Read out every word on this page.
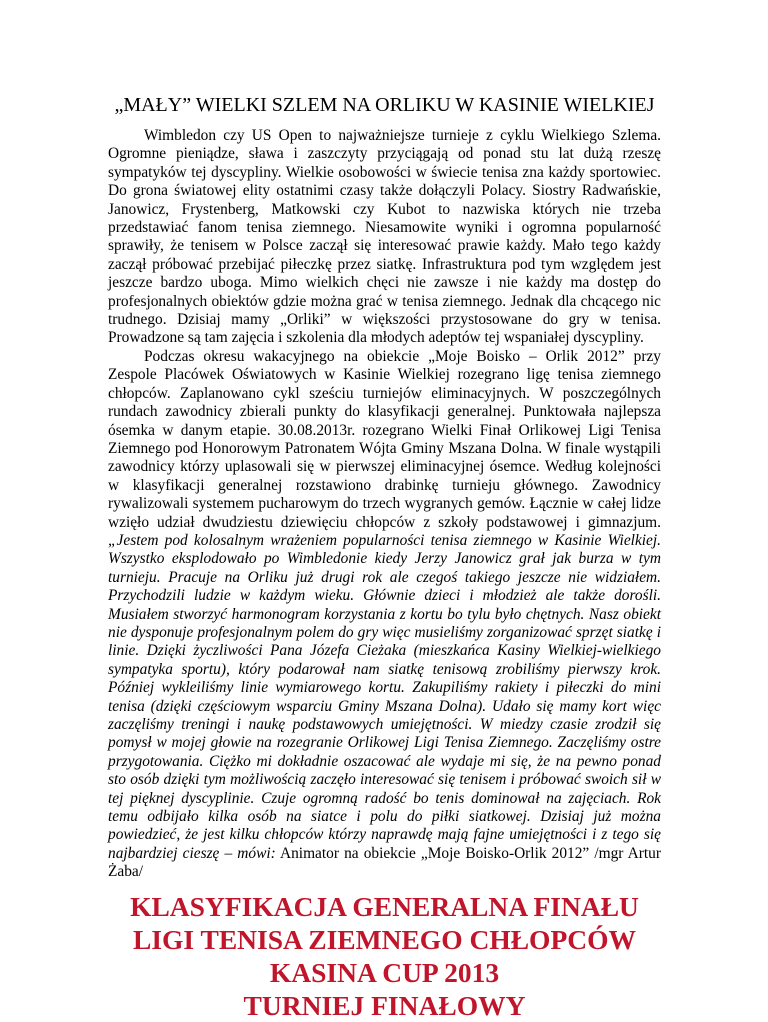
„MAŁY” WIELKI SZLEM NA ORLIKU W KASINIE WIELKIEJ

Wimbledon czy US Open to najważniejsze turnieje z cyklu Wielkiego Szlema. Ogromne pieniądze, sława i zaszczyty przyciągają od ponad stu lat dużą rzeszę sympatyków tej dyscypliny. Wielkie osobowości w świecie tenisa zna każdy sportowiec. Do grona światowej elity ostatnimi czasy także dołączyli Polacy. Siostry Radwańskie, Janowicz, Frystenberg, Matkowski czy Kubot to nazwiska których nie trzeba przedstawiać fanom tenisa ziemnego. Niesamowite wyniki i ogromna popularność sprawiły, że tenisem w Polsce zaczął się interesować prawie każdy. Mało tego każdy zaczął próbować przebijać piłeczkę przez siatkę. Infrastruktura pod tym względem jest jeszcze bardzo uboga. Mimo wielkich chęci nie zawsze i nie każdy ma dostęp do profesjonalnych obiektów gdzie można grać w tenisa ziemnego. Jednak dla chcącego nic trudnego. Dzisiaj mamy „Orliki” w większości przystosowane do gry w tenisa. Prowadzone są tam zajęcia i szkolenia dla młodych adeptów tej wspaniałej dyscypliny.

Podczas okresu wakacyjnego na obiekcie „Moje Boisko – Orlik 2012” przy Zespole Placówek Oświatowych w Kasinie Wielkiej rozegrano ligę tenisa ziemnego chłopców. Zaplanowano cykl sześciu turniejów eliminacyjnych. W poszczególnych rundach zawodnicy zbierali punkty do klasyfikacji generalnej. Punktowała najlepsza ósemka w danym etapie. 30.08.2013r. rozegrano Wielki Finał Orlikowej Ligi Tenisa Ziemnego pod Honorowym Patronatem Wójta Gminy Mszana Dolna. W finale wystąpili zawodnicy którzy uplasowali się w pierwszej eliminacyjnej ósemce. Według kolejności w klasyfikacji generalnej rozstawiono drabinkę turnieju głównego. Zawodnicy rywalizowali systemem pucharowym do trzech wygranych gemów. Łącznie w całej lidze wzięło udział dwudziestu dziewięciu chłopców z szkoły podstawowej i gimnazjum. „Jestem pod kolosalnym wrażeniem popularności tenisa ziemnego w Kasinie Wielkiej. Wszystko eksplodowało po Wimbledonie kiedy Jerzy Janowicz grał jak burza w tym turnieju. Pracuje na Orliku już drugi rok ale czegoś takiego jeszcze nie widziałem. Przychodzili ludzie w każdym wieku. Głównie dzieci i młodzież ale także dorośli. Musiałem stworzyć harmonogram korzystania z kortu bo tylu było chętnych. Nasz obiekt nie dysponuje profesjonalnym polem do gry więc musieliśmy zorganizować sprzęt siatkę i linie. Dzięki życzliwości Pana Józefa Cieżaka (mieszkańca Kasiny Wielkiej-wielkiego sympatyka sportu), który podarował nam siatkę tenisową zrobiliśmy pierwszy krok. Później wykleiliśmy linie wymiarowego kortu. Zakupiliśmy rakiety i piłeczki do mini tenisa (dzięki częściowym wsparciu Gminy Mszana Dolna). Udało się mamy kort więc zaczęliśmy treningi i naukę podstawowych umiejętności. W miedzy czasie zrodził się pomysł w mojej głowie na rozegranie Orlikowej Ligi Tenisa Ziemnego. Zaczęliśmy ostre przygotowania. Ciężko mi dokładnie oszacować ale wydaje mi się, że na pewno ponad sto osób dzięki tym możliwością zaczęło interesować się tenisem i próbować swoich sił w tej pięknej dyscyplinie. Czuje ogromną radość bo tenis dominował na zajęciach. Rok temu odbijało kilka osób na siatce i polu do piłki siatkowej. Dzisiaj już można powiedzieć, że jest kilku chłopców którzy naprawdę mają fajne umiejętności i z tego się najbardziej cieszę – mówi: Animator na obiekcie „Moje Boisko-Orlik 2012” /mgr Artur Żaba/

KLASYFIKACJA GENERALNA FINAŁU
LIGI TENISA ZIEMNEGO CHŁOPCÓW
KASINA CUP 2013
TURNIEJ FINAŁOWY
